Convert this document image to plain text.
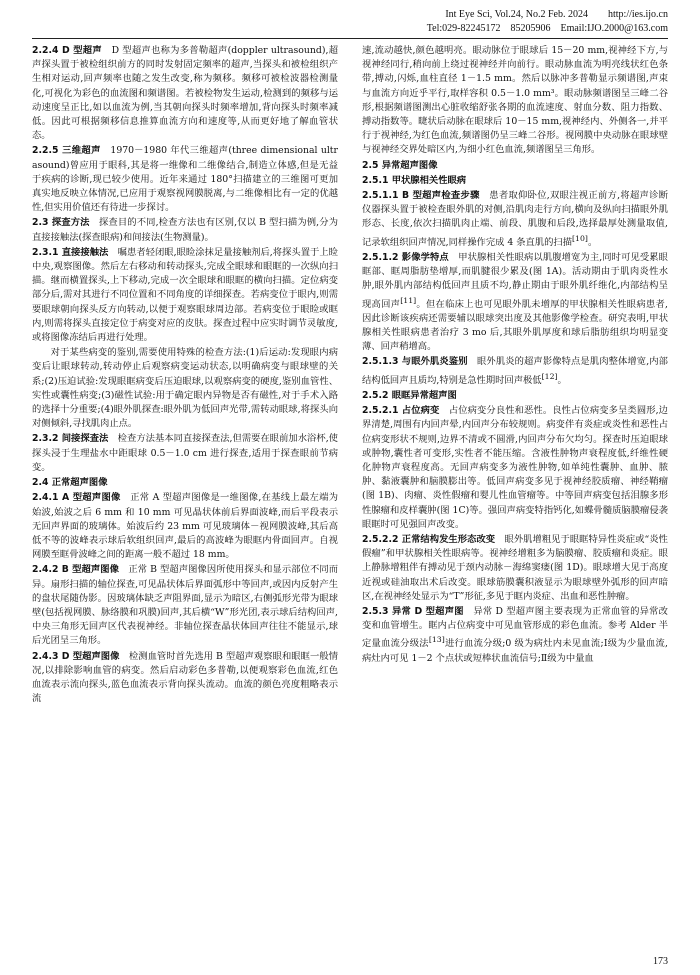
Int Eye Sci, Vol.24, No.2 Feb. 2024　　http://ies.ijo.cn
Tel:029-82245172　85205906　Email:IJO.2000@163.com

2.2.4 D 型超声　 D 型超声也称为多普勒超声(doppler ultrasound),超声探头置于被检组织前方的同时发射固定频率的超声,当探头和被检组织产生相对运动,回声频率也随之发生改变,称为频移。频移可被检波器检测量化,可视化为彩色的血流图和频谱图。若被检物发生运动,检测到的频移与运动速度呈正比,如以血流为例,当其朝向探头时频率增加,背向探头时频率减低。因此可根据频移信息推算血流方向和速度等,从而更好地了解血管状态。

2.2.5 三维超声　 1970－1980 年代三维超声(three dimensional ultrasound)曾应用于眼科,其是将一维像和二维像结合,制造立体感,但是无益于疾病的诊断,现已较少使用。近年来通过 180°扫描建立的三维图可更加真实地反映立体情况,已应用于观察视网膜脱离,与二维像相比有一定的优越性,但实用价值还有待进一步探讨。

2.3 探查方法　 探查目的不同,检查方法也有区别,仅以 B 型扫描为例,分为直接接触法(探查眼病)和间接法(生物测量)。

2.3.1 直接接触法　 嘱患者轻闭眼,眼睑涂抹足量接触剂后,将探头置于上睑中央,观察图像。然后左右移动和转动探头,完成全眼球和眼眶的一次纵向扫描。继而横置探头,上下移动,完成一次全眼球和眼眶的横向扫描。定位病变部分后,需对其进行不同位置和不同角度的详细探查。若病变位于眼内,则需要眼球朝向探头反方向转动,以便于观察眼球周边部。若病变位于眼睑或眶内,则需将探头直接定位于病变对应的皮肤。探查过程中应实时调节灵敏度,或将图像冻结后再进行处理。

对于某些病变的鉴别,需要使用特殊的检查方法:(1)后运动:发现眼内病变后让眼球转动,转动停止后观察病变运动状态,以明确病变与眼球壁的关系;(2)压迫试验:发现眼眶病变后压迫眼球,以观察病变的硬度,鉴别血管性、实性或囊性病变;(3)磁性试验:用于确定眼内异物是否有磁性,对于手术入路的选择十分重要;(4)眼外肌探查:眼外肌为低回声光带,需转动眼球,将探头向对侧倾斜,寻找肌肉止点。

2.3.2 间接探查法　 检查方法基本同直接探查法,但需要在眼前加水浴杯,使探头浸于生理盐水中距眼球 0.5－1.0 cm 进行探查,适用于探查眼前节病变。

2.4 正常超声图像

2.4.1 A 型超声图像　 正常 A 型超声图像是一维图像,在基线上最左端为始波,始波之后 6 mm 和 10 mm 可见晶状体前后界面波峰,而后平段表示无回声界面的玻璃体。始波后约 23 mm 可见玻璃体－视网膜波峰,其后高低不等的波峰表示球后软组织回声,最后的高波峰为眼眶内骨面回声。自视网膜至眶骨波峰之间的距离一般不超过 18 mm。

2.4.2 B 型超声图像　 正常 B 型超声图像因所使用探头和显示部位不同而异。扇形扫描的轴位探查,可见晶状体后界面弧形中等回声,或因内反射产生的盘状尾随伪影。因玻璃体缺乏声阻界面,显示为暗区,右侧弧形光带为眼球壁(包括视网膜、脉络膜和巩膜)回声,其后横“W”形光团,表示球后结构回声,中央三角形无回声区代表视神经。非轴位探查晶状体回声往往不能显示,球后光团呈三角形。

2.4.3 D 型超声图像　 检测血管时首先选用 B 型超声观察眼和眼眶一般情况,以排除影响血管的病变。然后启动彩色多普勒,以便观察彩色血流,红色血流表示流向探头,蓝色血流表示背向探头流动。血流的颜色亮度粗略表示流

速,流动越快,颜色越明亮。眼动脉位于眼球后 15－20 mm,视神经下方,与视神经同行,稍向前上绕过视神经并向前行。眼动脉血流为明亮线状红色条带,搏动,闪烁,血柱直径 1－1.5 mm。然后以脉冲多普勒显示频谱图,声束与血流方向近乎平行,取样容积 0.5－1.0 mm³。眼动脉频谱图呈三峰二谷形,根据频谱图测出心脏收缩舒张各期的血流速度、射血分数、阻力指数、搏动指数等。睫状后动脉在眼球后 10－15 mm,视神经内、外侧各一,并平行于视神经,为红色血流,频谱图仍呈三峰二谷形。视网膜中央动脉在眼球壁与视神经交界处暗区内,为细小红色血流,频谱图呈三角形。

2.5 异常超声图像
2.5.1 甲状腺相关性眼病

2.5.1.1 B 型超声检查步骤　 患者取仰卧位,双眼注视正前方,将超声诊断仪器探头置于被检查眼外肌的对侧,沿肌肉走行方向,横向及纵向扫描眼外肌形态、长度,依次扫描肌肉止端、前段、肌腹和后段,选择最厚处测量取值,记录软组织回声情况,同样操作完成 4 条直肌的扫描[10]。

2.5.1.2 影像学特点　 甲状腺相关性眼病以肌腹增宽为主,同时可见受累眼眶部、眶周脂肪垫增厚,而肌腱很少累及(图 1A)。活动期由于肌肉炎性水肿,眼外肌内部结构低回声且质不均,静止期由于眼外肌纤维化,内部结构呈现高回声[11]。但在临床上也可见眼外肌未增厚的甲状腺相关性眼病患者,因此诊断该疾病还需要辅以眼球突出度及其他影像学检查。研究表明,甲状腺相关性眼病患者治疗 3 mo 后,其眼外肌厚度和球后脂肪组织均明显变薄、回声稍增高。

2.5.1.3 与眼外肌炎鉴别　 眼外肌炎的超声影像特点是肌肉整体增宽,内部结构低回声且质均,特别是急性期时回声极低[12]。

2.5.2 眼眶异常超声图

2.5.2.1 占位病变　 占位病变分良性和恶性。良性占位病变多呈类圆形,边界清楚,周围有内回声晕,内回声分布较规则。病变伴有炎症或炎性和恶性占位病变形状不规则,边界不清或不圆滑,内回声分布欠均匀。探查时压迫眼球或肿物,囊性者可变形,实性者不能压缩。含液性肿物声衰程度低,纤维性硬化肿物声衰程度高。无回声病变多为液性肿物,如单纯性囊肿、血肿、脓肿、黏液囊肿和脑膜膨出等。低回声病变多见于视神经胶质瘤、神经鞘瘤(图 1B)、肉瘤、炎性假瘤和婴儿性血管瘤等。中等回声病变包括泪腺多形性腺瘤和皮样囊肿(图 1C)等。强回声病变特指钙化,如蝶骨髓质脑膜瘤侵袭眼眶时可见强回声改变。

2.5.2.2 正常结构发生形态改变　 眼外肌增粗见于眼眶特异性炎症或“炎性假瘤”和甲状腺相关性眼病等。视神经增粗多为脑膜瘤、胶质瘤和炎症。眼上静脉增粗伴有搏动见于颈内动脉－海绵窦瘘(图 1D)。眼球增大见于高度近视或硅油取出术后改变。眼球筋膜囊积液显示为眼球壁外弧形的回声暗区,在视神经处显示为“T”形征,多见于眶内炎症、出血和恶性肿瘤。

2.5.3 异常 D 型超声图　 异常 D 型超声图主要表现为正常血管的异常改变和血管增生。眶内占位病变中可见血管形成的彩色血流。参考 Alder 半定量血流分级法[13]进行血流分级;0 级为病灶内未见血流;Ⅰ级为少量血流,病灶内可见 1－2 个点状或短棒状血流信号;Ⅱ级为中量血

173
